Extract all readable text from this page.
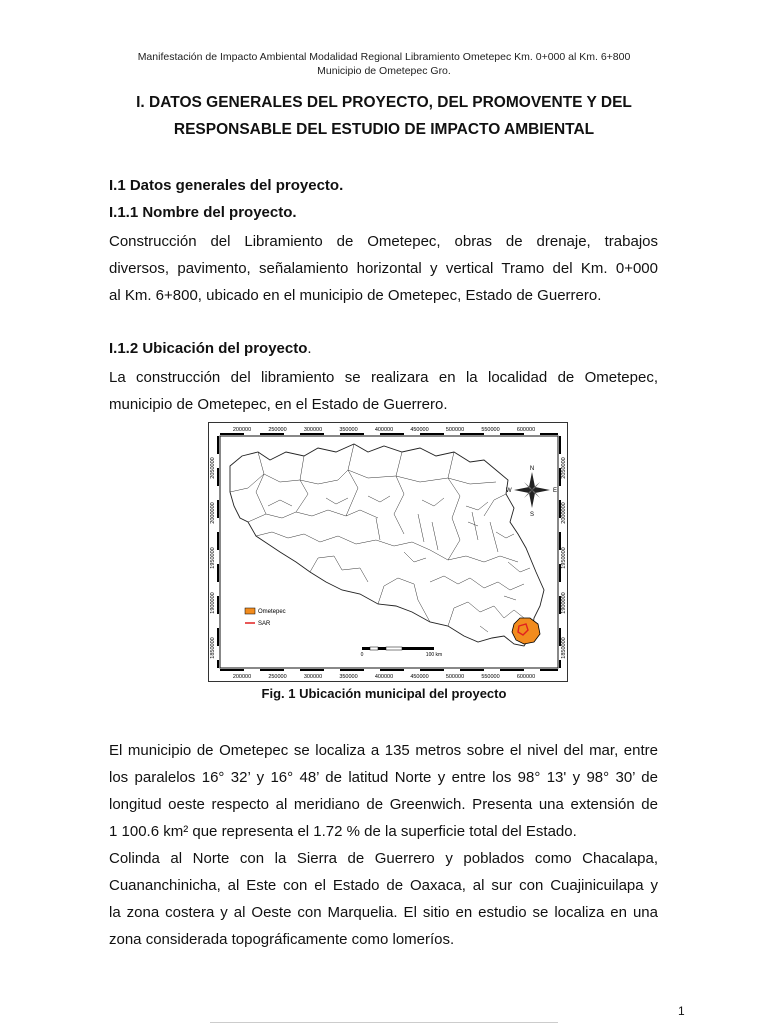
Manifestación de Impacto Ambiental Modalidad Regional Libramiento Ometepec Km. 0+000 al Km. 6+800
Municipio de Ometepec Gro.
I. DATOS GENERALES DEL PROYECTO, DEL PROMOVENTE Y DEL
RESPONSABLE DEL ESTUDIO DE IMPACTO AMBIENTAL
I.1 Datos generales del proyecto.
I.1.1 Nombre del proyecto.
Construcción del Libramiento de Ometepec, obras de drenaje, trabajos
diversos, pavimento, señalamiento horizontal y vertical Tramo del Km. 0+000
al Km. 6+800, ubicado en el municipio de Ometepec, Estado de Guerrero.
I.1.2 Ubicación del proyecto.
La construcción del libramiento se realizara en la localidad de Ometepec,
municipio de Ometepec, en el Estado de Guerrero.
200000	250000	300000	350000	400000	450000	500000	550000	600000
200000	250000	300000	350000	400000	450000	500000	550000	600000
2050000
2000000
1950000
1900000
1850000
2050000
2000000
1950000
1900000
1850000
N
E
S
W
Ometepec
SAR
0	100 km
Fig. 1 Ubicación municipal del proyecto
El municipio de Ometepec se localiza a 135 metros sobre el nivel del mar, entre
los paralelos 16° 32’ y 16° 48’ de latitud Norte y entre los 98° 13' y 98° 30’ de
longitud oeste respecto al meridiano de Greenwich. Presenta una extensión de
1 100.6 km² que representa el 1.72 % de la superficie total del Estado.
Colinda al Norte con la Sierra de Guerrero y poblados como Chacalapa,
Cuananchinicha, al Este con el Estado de Oaxaca, al sur con Cuajinicuilapa y
la zona costera y al Oeste con Marquelia. El sitio en estudio se localiza en una
zona considerada topográficamente como lomeríos.
1
